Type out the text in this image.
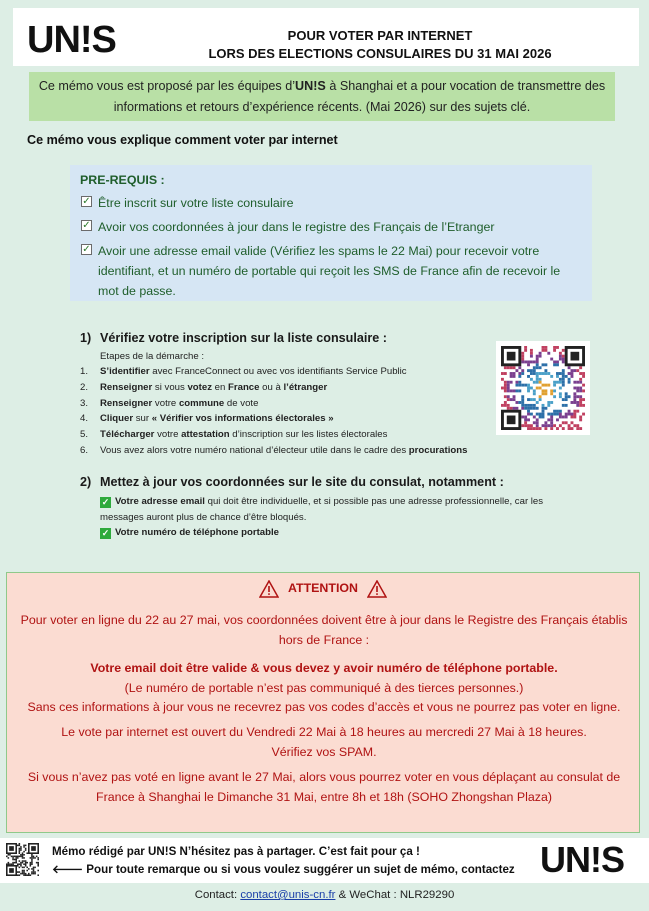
UN!S	POUR VOTER PAR INTERNET
LORS DES ELECTIONS CONSULAIRES DU 31 MAI 2026
Ce mémo vous est proposé par les équipes d’UN!S à Shanghai et a pour vocation de transmettre des
informations et retours d’expérience récents. (Mai 2026) sur des sujets clé.
Ce mémo vous explique comment voter par internet
PRE-REQUIS :
✓ Être inscrit sur votre liste consulaire
✓ Avoir vos coordonnées à jour dans le registre des Français de l’Etranger
✓ Avoir une adresse email valide (Vérifiez les spams le 22 Mai) pour recevoir votre identifiant, et un numéro de portable qui reçoit les SMS de France afin de recevoir le mot de passe.
1) Vérifiez votre inscription sur la liste consulaire :
Etapes de la démarche :
1. S’identifier avec FranceConnect ou avec vos identifiants Service Public
2. Renseigner si vous votez en France ou à l’étranger
3. Renseigner votre commune de vote
4. Cliquer sur « Vérifier vos informations électorales »
5. Télécharger votre attestation d’inscription sur les listes électorales
6. Vous avez alors votre numéro national d’électeur utile dans le cadre des procurations
2) Mettez à jour vos coordonnées sur le site du consulat, notamment :
✓ Votre adresse email qui doit être individuelle, et si possible pas une adresse professionnelle, car les
messages auront plus de chance d’être bloqués.
✓ Votre numéro de téléphone portable
ATTENTION
Pour voter en ligne du 22 au 27 mai, vos coordonnées doivent être à jour dans le Registre des Français établis
hors de France :
Votre email doit être valide & vous devez y avoir numéro de téléphone portable.
(Le numéro de portable n’est pas communiqué à des tierces personnes.)
Sans ces informations à jour vous ne recevrez pas vos codes d’accès et vous ne pourrez pas voter en ligne.
Le vote par internet est ouvert du Vendredi 22 Mai à 18 heures au mercredi 27 Mai à 18 heures.
Vérifiez vos SPAM.
Si vous n’avez pas voté en ligne avant le 27 Mai, alors vous pourrez voter en vous déplaçant au consulat de
France à Shanghai le Dimanche 31 Mai, entre 8h et 18h (SOHO Zhongshan Plaza)
Mémo rédigé par UN!S N’hésitez pas à partager. C’est fait pour ça !
🡐 Pour toute remarque ou si vous voulez suggérer un sujet de mémo, contactez UN!S
Contact: contact@unis-cn.fr & WeChat : NLR29290
